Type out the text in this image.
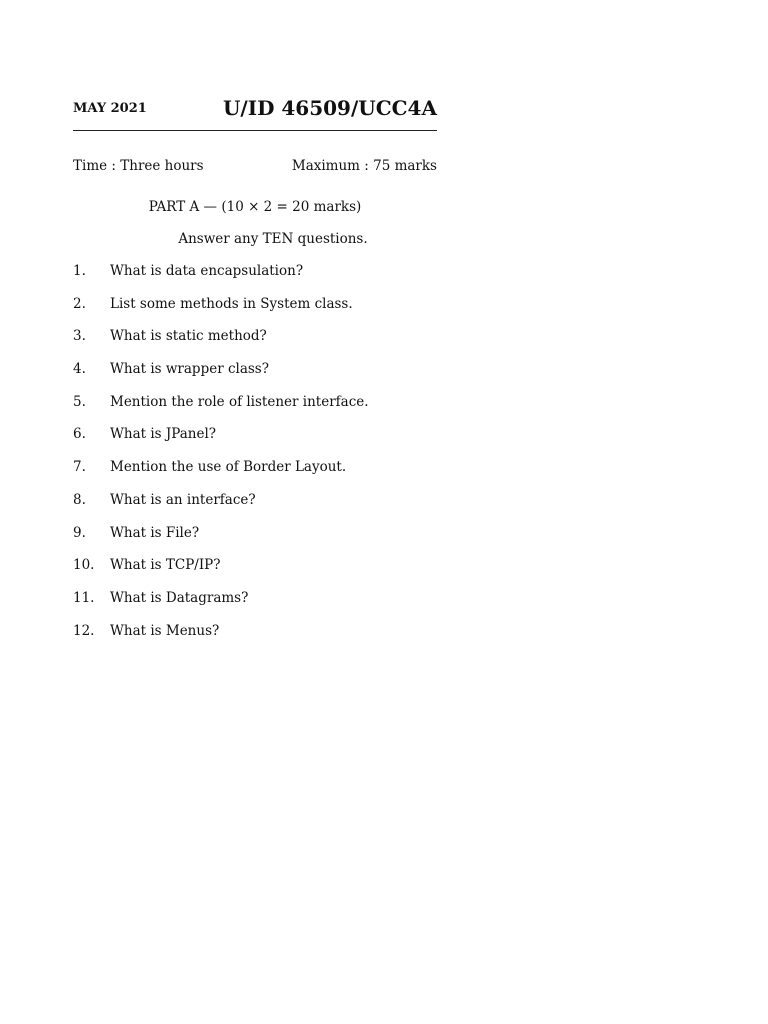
MAY 2021	U/ID 46509/UCC4A
Time : Three hours	Maximum : 75 marks
PART A — (10 × 2 = 20 marks)
Answer any TEN questions.
1. What is data encapsulation?
2. List some methods in System class.
3. What is static method?
4. What is wrapper class?
5. Mention the role of listener interface.
6. What is JPanel?
7. Mention the use of Border Layout.
8. What is an interface?
9. What is File?
10. What is TCP/IP?
11. What is Datagrams?
12. What is Menus?
